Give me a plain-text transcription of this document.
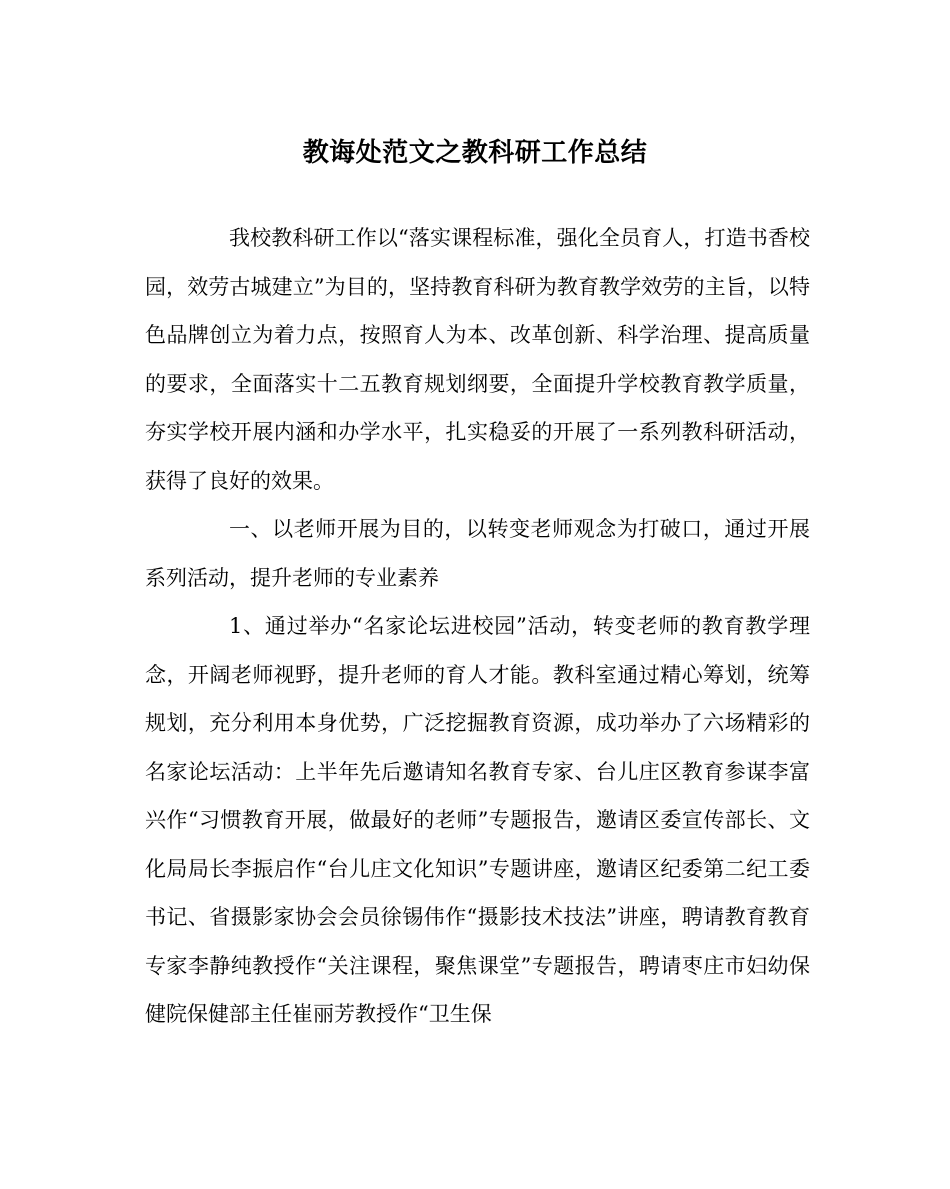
教诲处范文之教科研工作总结

我校教科研工作以“落实课程标准，强化全员育人，打造书香校园，效劳古城建立”为目的，坚持教育科研为教育教学效劳的主旨，以特色品牌创立为着力点，按照育人为本、改革创新、科学治理、提高质量的要求，全面落实十二五教育规划纲要，全面提升学校教育教学质量，夯实学校开展内涵和办学水平，扎实稳妥的开展了一系列教科研活动，获得了良好的效果。

一、以老师开展为目的，以转变老师观念为打破口，通过开展系列活动，提升老师的专业素养

1、通过举办“名家论坛进校园”活动，转变老师的教育教学理念，开阔老师视野，提升老师的育人才能。教科室通过精心筹划，统筹规划，充分利用本身优势，广泛挖掘教育资源，成功举办了六场精彩的名家论坛活动：上半年先后邀请知名教育专家、台儿庄区教育参谋李富兴作“习惯教育开展，做最好的老师”专题报告，邀请区委宣传部长、文化局局长李振启作“台儿庄文化知识”专题讲座，邀请区纪委第二纪工委书记、省摄影家协会会员徐锡伟作“摄影技术技法”讲座，聘请教育教育专家李静纯教授作“关注课程，聚焦课堂”专题报告，聘请枣庄市妇幼保健院保健部主任崔丽芳教授作“卫生保
